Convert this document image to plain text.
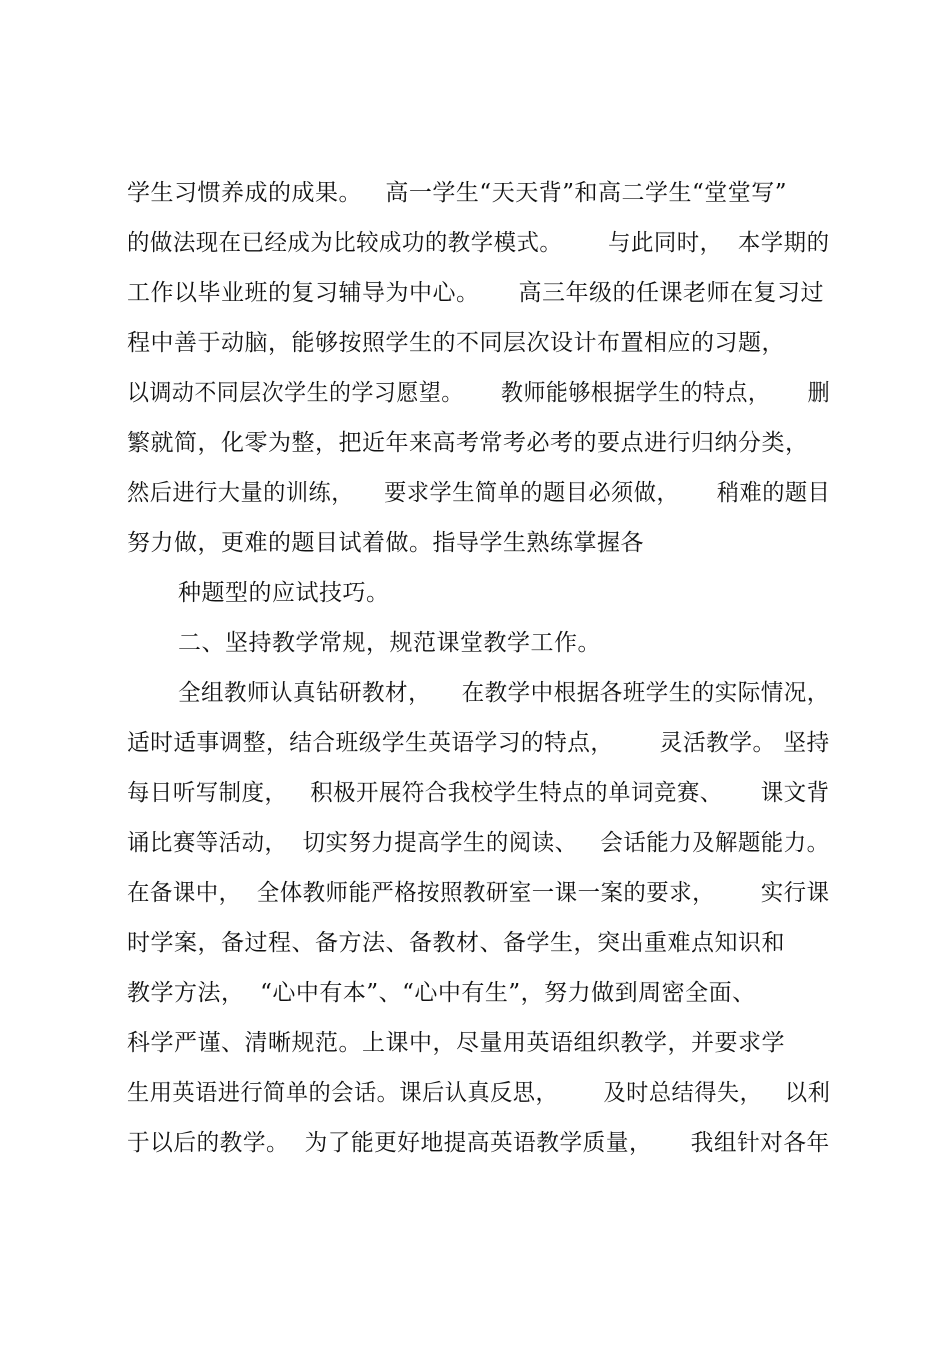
学生习惯养成的成果。   高一学生“天天背”和高二学生“堂堂写”
的做法现在已经成为比较成功的教学模式。      与此同时，  本学期的
工作以毕业班的复习辅导为中心。     高三年级的任课老师在复习过
程中善于动脑，能够按照学生的不同层次设计布置相应的习题，
以调动不同层次学生的学习愿望。     教师能够根据学生的特点，     删
繁就简，化零为整，把近年来高考常考必考的要点进行归纳分类，
然后进行大量的训练，    要求学生简单的题目必须做，     稍难的题目
努力做，更难的题目试着做。指导学生熟练掌握各
种题型的应试技巧。
二、坚持教学常规，规范课堂教学工作。
全组教师认真钻研教材，    在教学中根据各班学生的实际情况，
适时适事调整，结合班级学生英语学习的特点，      灵活教学。 坚持
每日听写制度，   积极开展符合我校学生特点的单词竞赛、     课文背
诵比赛等活动，  切实努力提高学生的阅读、   会话能力及解题能力。
在备课中，  全体教师能严格按照教研室一课一案的要求，      实行课
时学案，备过程、备方法、备教材、备学生，突出重难点知识和
教学方法，  “心中有本”、“心中有生”，努力做到周密全面、
科学严谨、清晰规范。上课中，尽量用英语组织教学，并要求学
生用英语进行简单的会话。课后认真反思，      及时总结得失，   以利
于以后的教学。  为了能更好地提高英语教学质量，     我组针对各年
